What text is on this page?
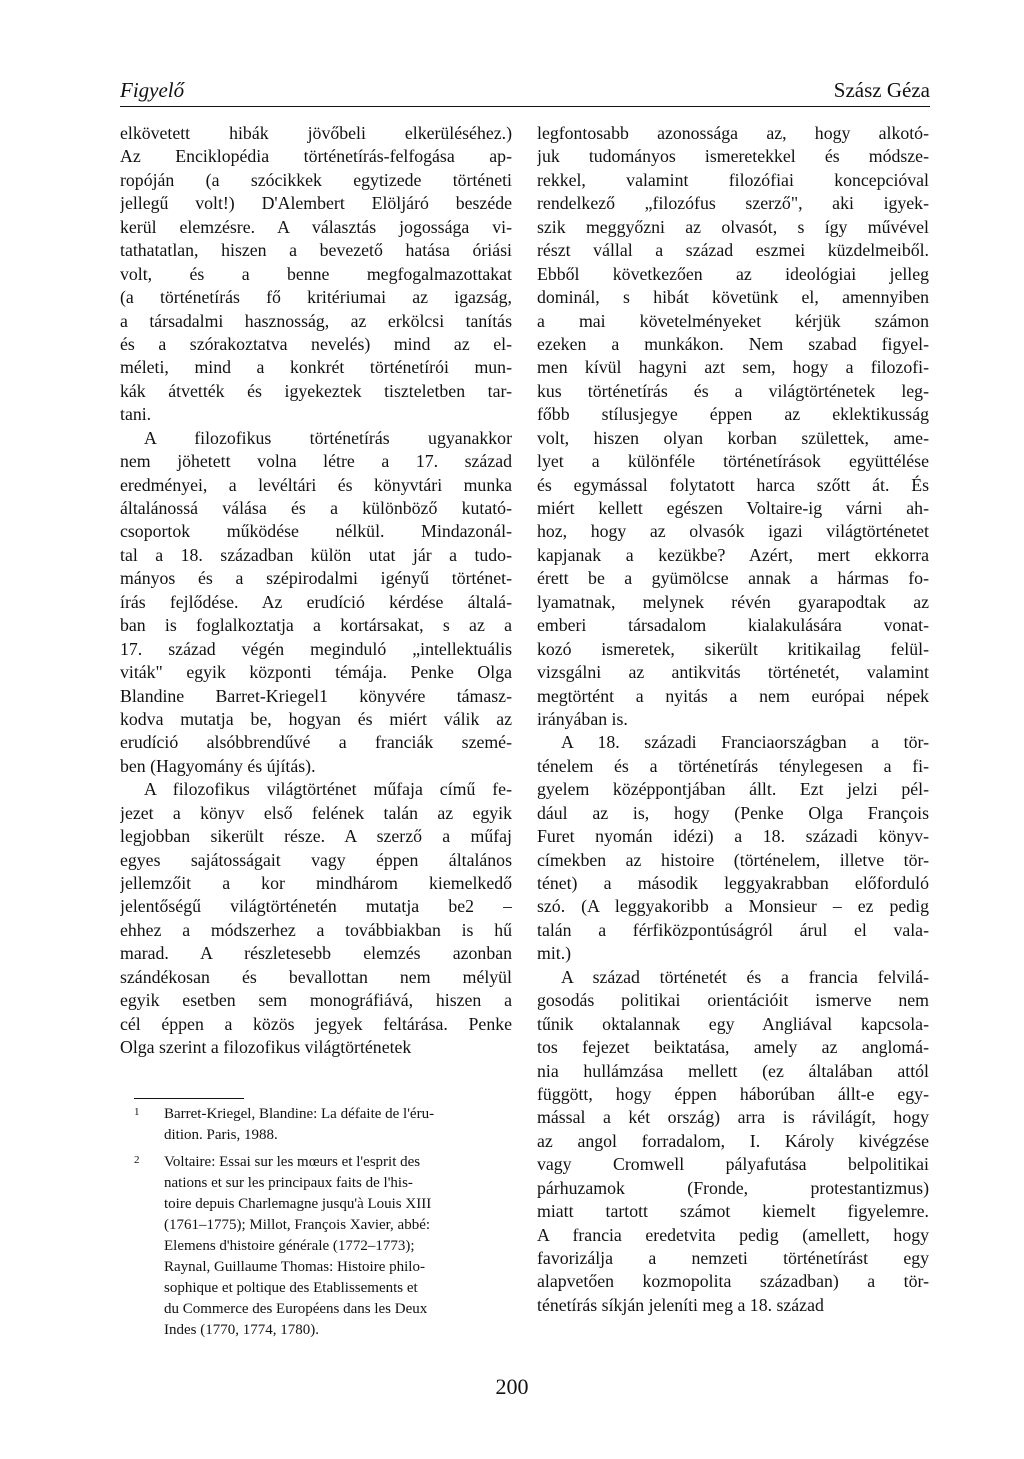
Figyelő	Szász Géza
elkövetett hibák jövőbeli elkerüléséhez.)
Az Enciklopédia történetírás-felfogása ap-
ropóján (a szócikkek egytizede történeti
jellegű volt!) D'Alembert Elöljáró beszéde
kerül elemzésre. A választás jogossága vi-
tathatatlan, hiszen a bevezető hatása óriási
volt, és a benne megfogalmazottakat
(a történetírás fő kritériumai az igazság,
a társadalmi hasznosság, az erkölcsi tanítás
és a szórakoztatva nevelés) mind az el-
méleti, mind a konkrét történetírói mun-
kák átvették és igyekeztek tiszteletben tar-
tani.
A filozofikus történetírás ugyanakkor
nem jöhetett volna létre a 17. század
eredményei, a levéltári és könyvtári munka
általánossá válása és a különböző kutató-
csoportok működése nélkül. Mindazonál-
tal a 18. században külön utat jár a tudo-
mányos és a szépirodalmi igényű történet-
írás fejlődése. Az erudíció kérdése általá-
ban is foglalkoztatja a kortársakat, s az a
17. század végén meginduló „intellektuális
viták" egyik központi témája. Penke Olga
Blandine Barret-Kriegel1 könyvére támasz-
kodva mutatja be, hogyan és miért válik az
erudíció alsóbbrendűvé a franciák szemé-
ben (Hagyomány és újítás).
A filozofikus világtörténet műfaja című fe-
jezet a könyv első felének talán az egyik
legjobban sikerült része. A szerző a műfaj
egyes sajátosságait vagy éppen általános
jellemzőit a kor mindhárom kiemelkedő
jelentőségű világtörténetén mutatja be2 –
ehhez a módszerhez a továbbiakban is hű
marad. A részletesebb elemzés azonban
szándékosan és bevallottan nem mélyül
egyik esetben sem monográfiává, hiszen a
cél éppen a közös jegyek feltárása. Penke
Olga szerint a filozofikus világtörténetek
legfontosabb azonossága az, hogy alkotó-
juk tudományos ismeretekkel és módsze-
rekkel, valamint filozófiai koncepcióval
rendelkező „filozófus szerző", aki igyek-
szik meggyőzni az olvasót, s így művével
részt vállal a század eszmei küzdelmeiből.
Ebből következően az ideológiai jelleg
dominál, s hibát követünk el, amennyiben
a mai követelményeket kérjük számon
ezeken a munkákon. Nem szabad figyel-
men kívül hagyni azt sem, hogy a filozofi-
kus történetírás és a világtörténetek leg-
főbb stílusjegye éppen az eklektikusság
volt, hiszen olyan korban születtek, ame-
lyet a különféle történetírások együttélése
és egymással folytatott harca szőtt át. És
miért kellett egészen Voltaire-ig várni ah-
hoz, hogy az olvasók igazi világtörténetet
kapjanak a kezükbe? Azért, mert ekkorra
érett be a gyümölcse annak a hármas fo-
lyamatnak, melynek révén gyarapodtak az
emberi társadalom kialakulására vonat-
kozó ismeretek, sikerült kritikailag felül-
vizsgálni az antikvitás történetét, valamint
megtörtént a nyitás a nem európai népek
irányában is.
A 18. századi Franciaországban a tör-
ténelem és a történetírás ténylegesen a fi-
gyelem középpontjában állt. Ezt jelzi pél-
dául az is, hogy (Penke Olga François
Furet nyomán idézi) a 18. századi könyv-
címekben az histoire (történelem, illetve tör-
ténet) a második leggyakrabban előforduló
szó. (A leggyakoribb a Monsieur – ez pedig
talán a férfiközpontúságról árul el vala-
mit.)
A század történetét és a francia felvilá-
gosodás politikai orientációit ismerve nem
tűnik oktalannak egy Angliával kapcsola-
tos fejezet beiktatása, amely az anglomá-
nia hullámzása mellett (ez általában attól
függött, hogy éppen háborúban állt-e egy-
mással a két ország) arra is rávilágít, hogy
az angol forradalom, I. Károly kivégzése
vagy Cromwell pályafutása belpolitikai
párhuzamok (Fronde, protestantizmus)
miatt tartott számot kiemelt figyelemre.
A francia eredetvita pedig (amellett, hogy
favorizálja a nemzeti történetírást egy
alapvetően kozmopolita században) a tör-
ténetírás síkján jeleníti meg a 18. század
1 Barret-Kriegel, Blandine: La défaite de l'éru-
dition. Paris, 1988.
2 Voltaire: Essai sur les mœurs et l'esprit des
nations et sur les principaux faits de l'his-
toire depuis Charlemagne jusqu'à Louis XIII
(1761–1775); Millot, François Xavier, abbé:
Elemens d'histoire générale (1772–1773);
Raynal, Guillaume Thomas: Histoire philo-
sophique et poltique des Etablissements et
du Commerce des Européens dans les Deux
Indes (1770, 1774, 1780).
200
